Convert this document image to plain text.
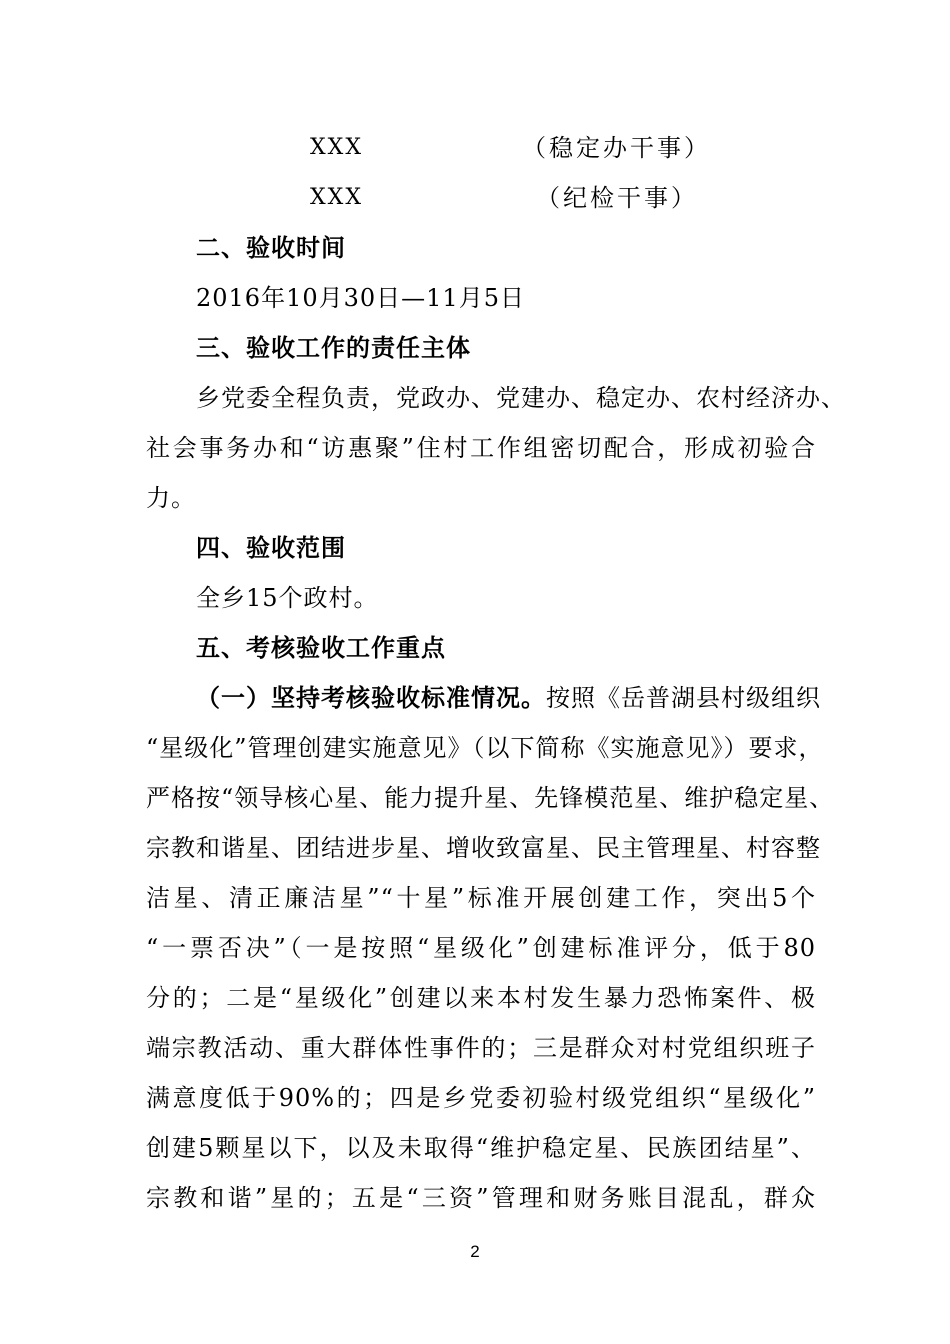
XXX	（稳定办干事）
XXX	（纪检干事）
二、验收时间
2016年10月30日—11月5日
三、验收工作的责任主体
乡党委全程负责，党政办、党建办、稳定办、农村经济办、
社会事务办和“访惠聚”住村工作组密切配合，形成初验合
力。
四、验收范围
全乡15个政村。
五、考核验收工作重点
（一）坚持考核验收标准情况。按照《岳普湖县村级组织
“星级化”管理创建实施意见》（以下简称《实施意见》）要求，
严格按“领导核心星、能力提升星、先锋模范星、维护稳定星、
宗教和谐星、团结进步星、增收致富星、民主管理星、村容整
洁星、清正廉洁星”“十星”标准开展创建工作，突出5个
“一票否决”（一是按照“星级化”创建标准评分，低于80
分的；二是“星级化”创建以来本村发生暴力恐怖案件、极
端宗教活动、重大群体性事件的；三是群众对村党组织班子
满意度低于90%的；四是乡党委初验村级党组织“星级化”
创建5颗星以下，以及未取得“维护稳定星、民族团结星”、
宗教和谐”星的；五是“三资”管理和财务账目混乱，群众
2
